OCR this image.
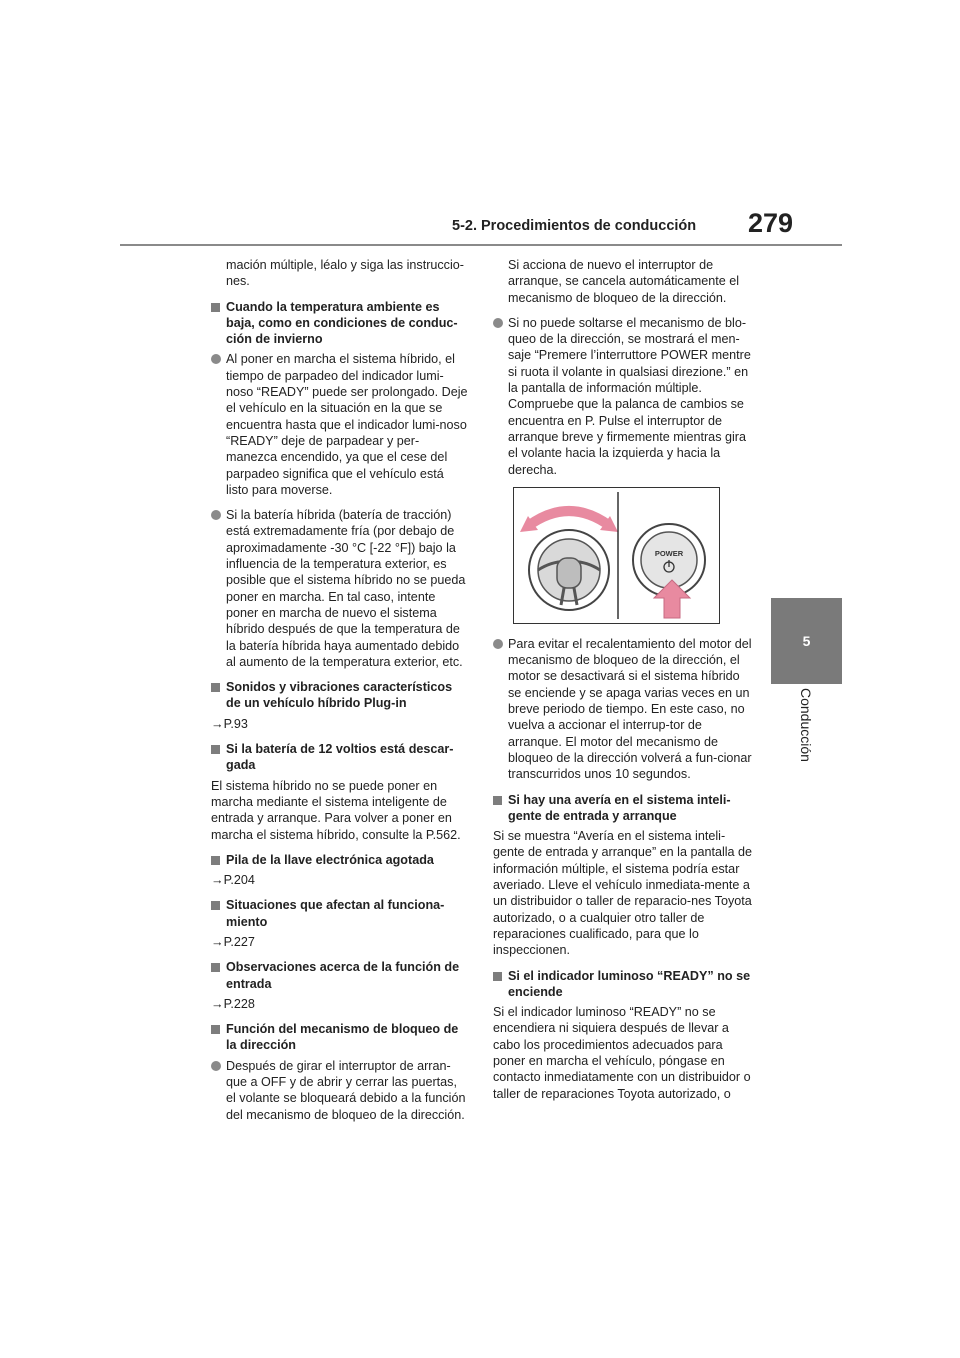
5-2. Procedimientos de conducción 279
5
Conducción

mación múltiple, léalo y siga las instruccio-nes.

Cuando la temperatura ambiente es baja, como en condiciones de conduc-ción de invierno
Al poner en marcha el sistema híbrido, el tiempo de parpadeo del indicador lumi-noso “READY” puede ser prolongado. Deje el vehículo en la situación en la que se encuentra hasta que el indicador lumi-noso “READY” deje de parpadear y per-manezca encendido, ya que el cese del parpadeo significa que el vehículo está listo para moverse.
Si la batería híbrida (batería de tracción) está extremadamente fría (por debajo de aproximadamente -30 °C [-22 °F]) bajo la influencia de la temperatura exterior, es posible que el sistema híbrido no se pueda poner en marcha. En tal caso, intente poner en marcha de nuevo el sistema híbrido después de que la temperatura de la batería híbrida haya aumentado debido al aumento de la temperatura exterior, etc.
Sonidos y vibraciones característicos de un vehículo híbrido Plug-in

→P.93

Si la batería de 12 voltios está descar-gada

El sistema híbrido no se puede poner en marcha mediante el sistema inteligente de entrada y arranque. Para volver a poner en marcha el sistema híbrido, consulte la P.562.

Pila de la llave electrónica agotada

→P.204

Situaciones que afectan al funciona-miento

→P.227

Observaciones acerca de la función de entrada

→P.228

Función del mecanismo de bloqueo de la dirección
Después de girar el interruptor de arran-que a OFF y de abrir y cerrar las puertas, el volante se bloqueará debido a la función del mecanismo de bloqueo de la dirección.

Si acciona de nuevo el interruptor de arranque, se cancela automáticamente el mecanismo de bloqueo de la dirección.

Si no puede soltarse el mecanismo de blo-queo de la dirección, se mostrará el men-saje “Premere l’interruttore POWER mentre si ruota il volante in qualsiasi direzione.” en la pantalla de información múltiple.

Compruebe que la palanca de cambios se encuentra en P. Pulse el interruptor de arranque breve y firmemente mientras gira el volante hacia la izquierda y hacia la derecha.

POWER
Para evitar el recalentamiento del motor del mecanismo de bloqueo de la dirección, el motor se desactivará si el sistema híbrido se enciende y se apaga varias veces en un breve periodo de tiempo. En este caso, no vuelva a accionar el interrup-tor de arranque. El motor del mecanismo de bloqueo de la dirección volverá a fun-cionar transcurridos unos 10 segundos.
Si hay una avería en el sistema inteli-gente de entrada y arranque

Si se muestra “Avería en el sistema inteli-gente de entrada y arranque” en la pantalla de información múltiple, el sistema podría estar averiado. Lleve el vehículo inmediata-mente a un distribuidor o taller de reparacio-nes Toyota autorizado, o a cualquier otro taller de reparaciones cualificado, para que lo inspeccionen.

Si el indicador luminoso “READY” no se enciende

Si el indicador luminoso “READY” no se encendiera ni siquiera después de llevar a cabo los procedimientos adecuados para poner en marcha el vehículo, póngase en contacto inmediatamente con un distribuidor o taller de reparaciones Toyota autorizado, o
